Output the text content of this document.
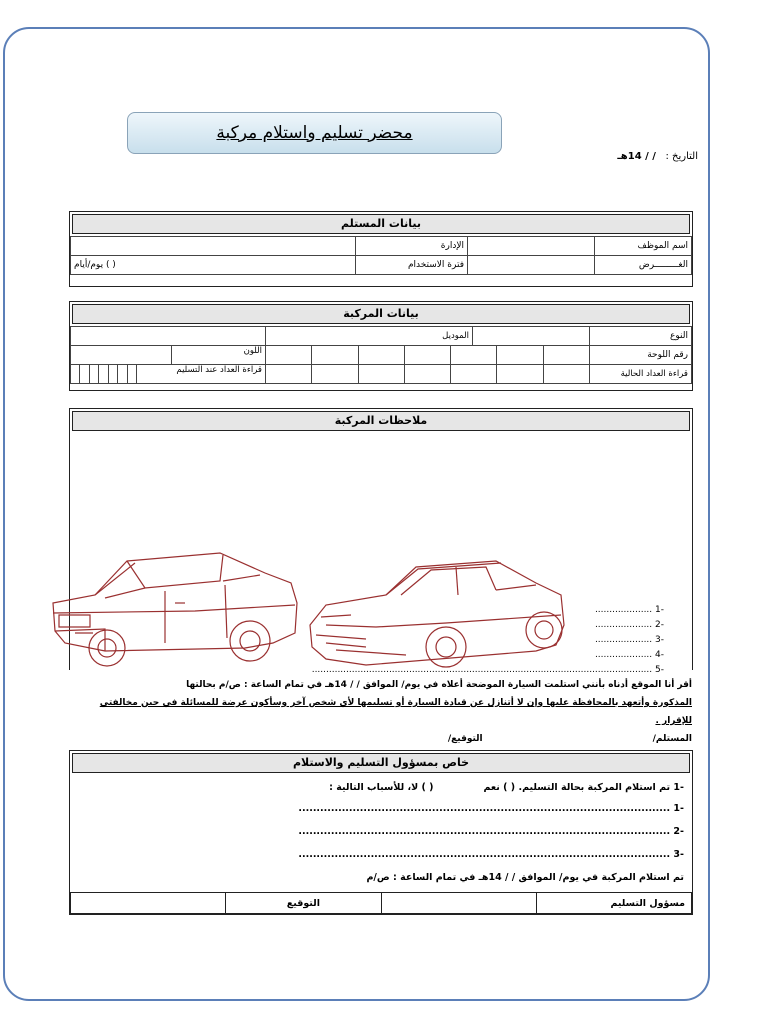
محضر تسليم واستلام مركبة
التاريخ :   / / 14هـ
بيانات المستلم
اسم الموظف		الإدارة	
الغـــــــــرض		فترة الاستخدام	( ) يوم/أيام
بيانات المركبة
النوع		الموديل	
رقم اللوحة			اللون

قراءة العداد الحالية			قراءة العداد عند التسليم
ملاحظات المركبة
-1 ....................
-2 ....................
-3 ....................
-4 ....................
-5 .......................................................................................................................
أقر أنا الموقع أدناه بأنني استلمت السيارة الموضحة أعلاه في يوم/ الموافق / / 14هـ في تمام الساعة : ص/م بحالتها
المذكورة وأتعهد بالمحافظة عليها وإن لا أتنازل عن قيادة السيارة أو تسليمها لأي شخص آخر وسأكون عرضة للمسائلة في حين مخالفتي للإقرار .
المستلم/
التوقيع/
خاص بمسؤول التسليم والاستلام
-1 تم استلام المركبة بحالة التسليم. ( ) نعم
( ) لا، للأسباب التالية :
-1 .......................................................................................................
-2 .......................................................................................................
-3 .......................................................................................................
تم استلام المركبة في يوم/ الموافق / / 14هـ في تمام الساعة : ص/م
مسؤول التسليم		التوقيع	
